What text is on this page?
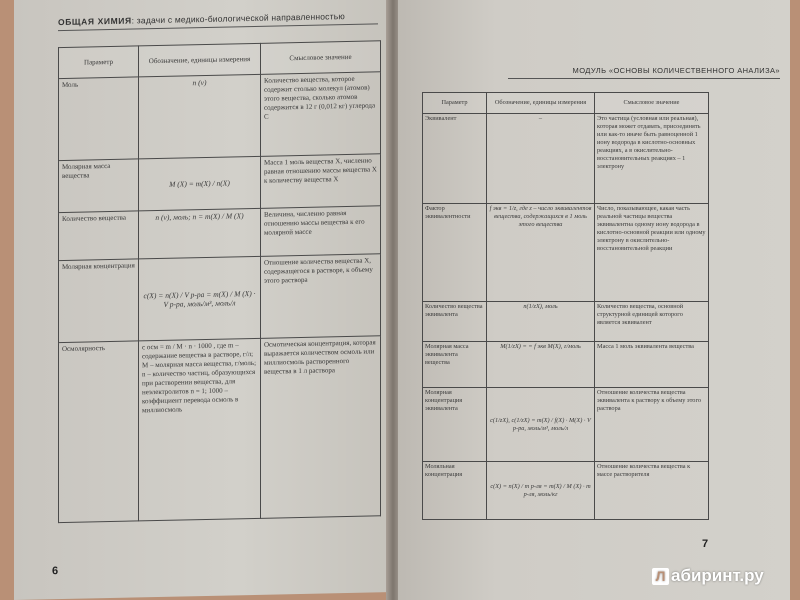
ОБЩАЯ ХИМИЯ: задачи с медико-биологической направленностью
Параметр	Обозначение, единицы измерения	Смысловое значение
Моль	n (ν)	Количество вещества, которое содержит столько молекул (атомов) этого вещества, сколько атомов содержится в 12 г (0,012 кг) углерода С
Молярная масса вещества	M (X) = m(X) / n(X)	Масса 1 моль вещества Х, численно равная отношению массы вещества Х к количеству вещества Х
Количество вещества	n (ν), моль; n = m(X) / M (X)	Величина, численно равная отношению массы вещества к его молярной массе
Молярная концентрация	c(X) = n(X) / V р-ра = m(X) / M (X) · V р-ра, моль/м³, моль/л	Отношение количества вещества Х, содержащегося в растворе, к объему этого раствора
Осмолярность	c осм = m / M · n · 1000 , где m – содержание вещества в растворе, г/л; M – молярная масса вещества, г/моль; n – количество частиц, образующихся при растворении вещества, для неэлектролитов n = 1; 1000 – коэффициент перевода осмоль в миллиосмоль	Осмотическая концентрация, которая выражается количеством осмоль или миллиосмоль растворенного вещества в 1 л раствора
6
МОДУЛЬ «ОСНОВЫ КОЛИЧЕСТВЕННОГО АНАЛИЗА»
Параметр	Обозначение, единицы измерения	Смысловое значение
Эквивалент	–	Это частица (условная или реальная), которая может отдавать, присоединять или как-то иначе быть равноценной 1 иону водорода в кислотно-основных реакциях, а в окислительно-восстановительных реакциях – 1 электрону
Фактор эквивалентности	f экв = 1/z, где z – число эквивалентов вещества, содержащихся в 1 моль этого вещества	Число, показывающее, какая часть реальной частицы вещества эквивалентна одному иону водорода в кислотно-основной реакции или одному электрону в окислительно-восстановительной реакции
Количество вещества эквивалента	n(1/zX), моль	Количество вещества, основной структурной единицей которого является эквивалент
Молярная масса эквивалента вещества	M(1/zX) = = f экв M(X), г/моль	Масса 1 моль эквивалента вещества
Молярная концентрация эквивалента	c(1/zX), c(1/zX) = m(X) / f(X) · M(X) · V р-ра, моль/м³, моль/л	Отношение количества вещества эквивалента к раствору к объему этого раствора
Моляльная концентрация	c(X) = n(X) / m р-ля = m(X) / M (X) · m р-ля, моль/кг	Отношение количества вещества к массе растворителя
7
Л абиринт.ру
